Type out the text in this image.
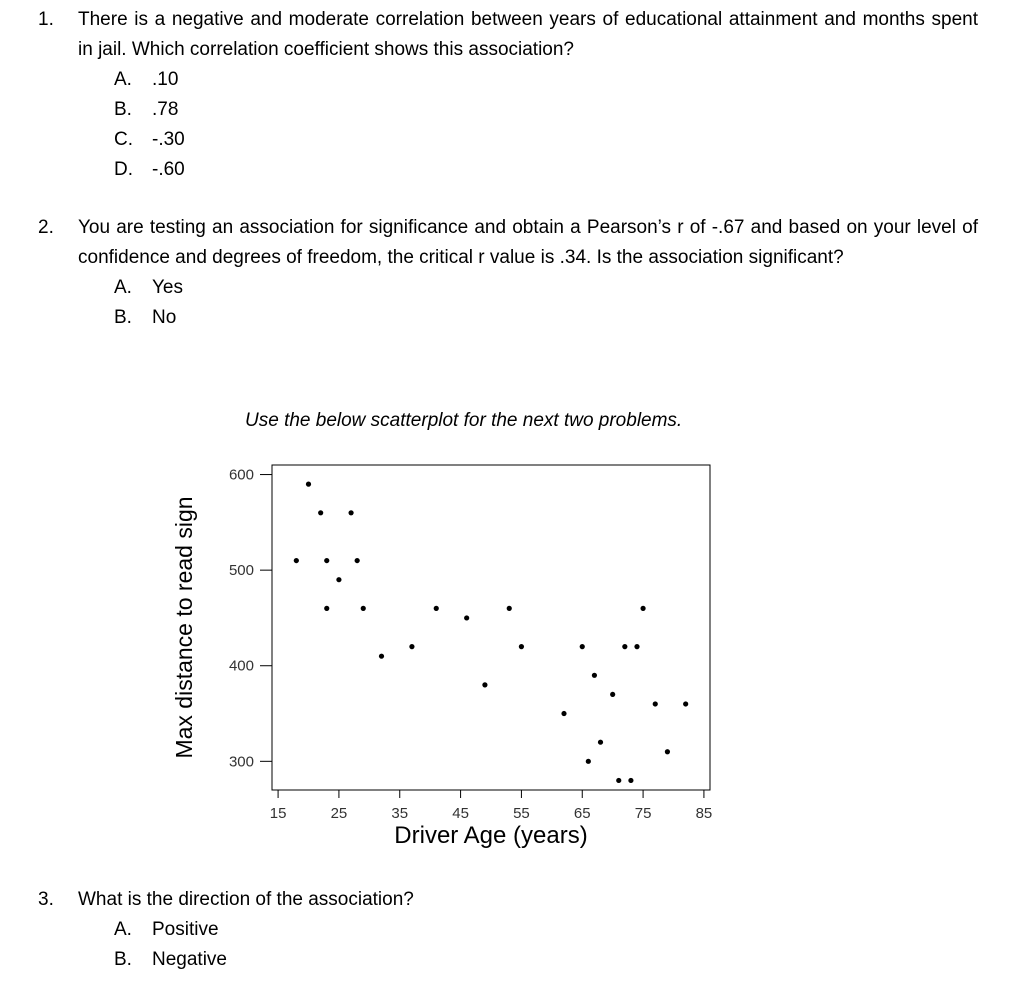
1. There is a negative and moderate correlation between years of educational attainment and months spent in jail. Which correlation coefficient shows this association?
A. .10
B. .78
C. -.30
D. -.60
2. You are testing an association for significance and obtain a Pearson’s r of -.67 and based on your level of confidence and degrees of freedom, the critical r value is .34. Is the association significant?
A. Yes
B. No
Use the below scatterplot for the next two problems.
300
400
500
600
15	25	35	45	55	65	75	85
Driver Age (years)
Max distance to read sign
3. What is the direction of the association?
A. Positive
B. Negative
